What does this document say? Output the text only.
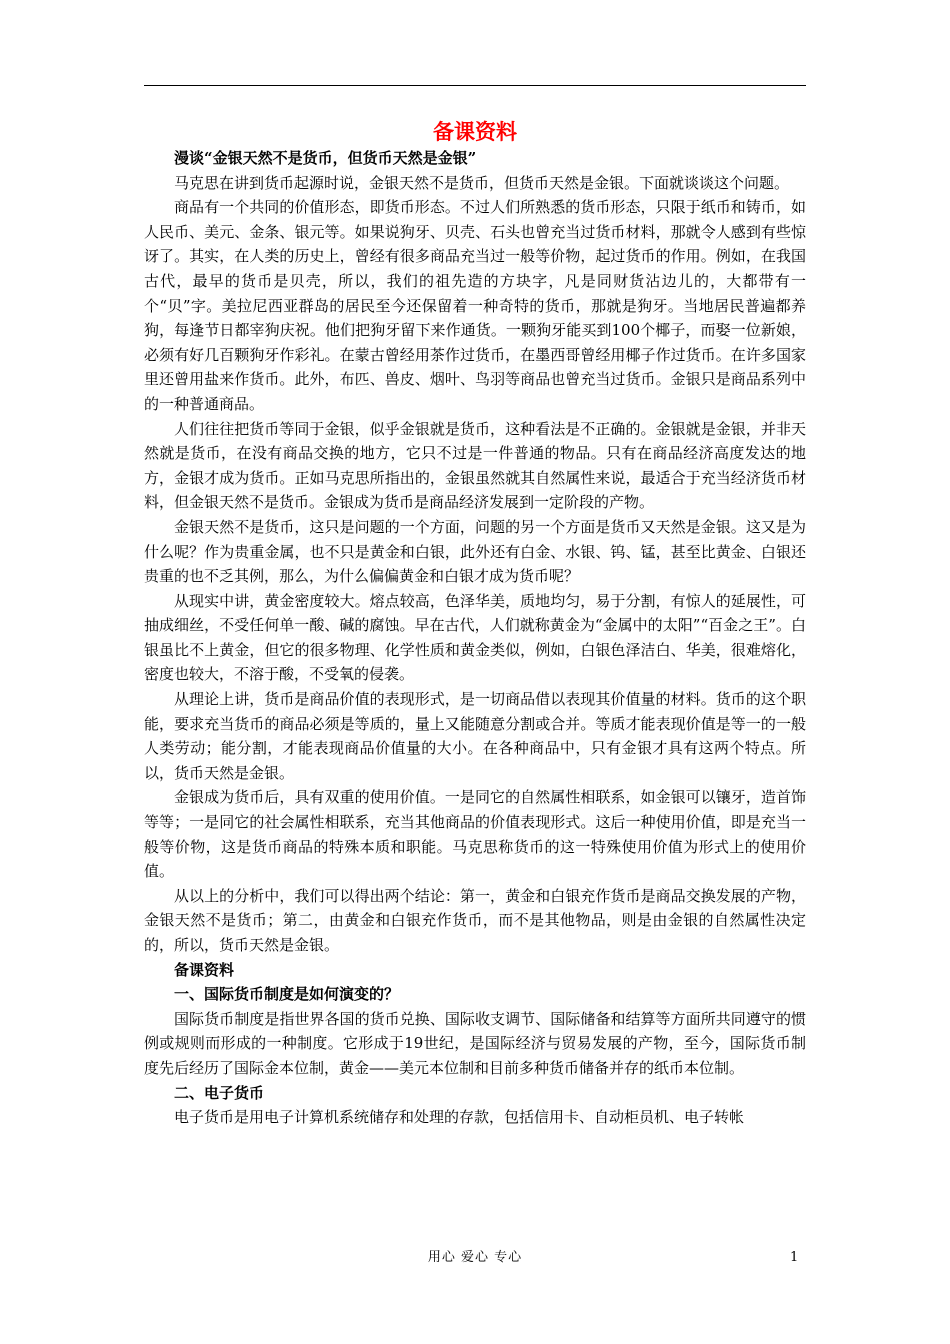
备课资料

漫谈“金银天然不是货币，但货币天然是金银”

马克思在讲到货币起源时说，金银天然不是货币，但货币天然是金银。下面就谈谈这个问题。

商品有一个共同的价值形态，即货币形态。不过人们所熟悉的货币形态，只限于纸币和铸币，如人民币、美元、金条、银元等。如果说狗牙、贝壳、石头也曾充当过货币材料，那就令人感到有些惊讶了。其实，在人类的历史上，曾经有很多商品充当过一般等价物，起过货币的作用。例如，在我国古代，最早的货币是贝壳，所以，我们的祖先造的方块字，凡是同财货沾边儿的，大都带有一个“贝”字。美拉尼西亚群岛的居民至今还保留着一种奇特的货币，那就是狗牙。当地居民普遍都养狗，每逢节日都宰狗庆祝。他们把狗牙留下来作通货。一颗狗牙能买到100个椰子，而娶一位新娘，必须有好几百颗狗牙作彩礼。在蒙古曾经用茶作过货币，在墨西哥曾经用椰子作过货币。在许多国家里还曾用盐来作货币。此外，布匹、兽皮、烟叶、鸟羽等商品也曾充当过货币。金银只是商品系列中的一种普通商品。

人们往往把货币等同于金银，似乎金银就是货币，这种看法是不正确的。金银就是金银，并非天然就是货币，在没有商品交换的地方，它只不过是一件普通的物品。只有在商品经济高度发达的地方，金银才成为货币。正如马克思所指出的，金银虽然就其自然属性来说，最适合于充当经济货币材料，但金银天然不是货币。金银成为货币是商品经济发展到一定阶段的产物。

金银天然不是货币，这只是问题的一个方面，问题的另一个方面是货币又天然是金银。这又是为什么呢？作为贵重金属，也不只是黄金和白银，此外还有白金、水银、钨、锰，甚至比黄金、白银还贵重的也不乏其例，那么，为什么偏偏黄金和白银才成为货币呢？

从现实中讲，黄金密度较大。熔点较高，色泽华美，质地均匀，易于分割，有惊人的延展性，可抽成细丝，不受任何单一酸、碱的腐蚀。早在古代，人们就称黄金为“金属中的太阳”“百金之王”。白银虽比不上黄金，但它的很多物理、化学性质和黄金类似，例如，白银色泽洁白、华美，很难熔化，密度也较大，不溶于酸，不受氧的侵袭。

从理论上讲，货币是商品价值的表现形式，是一切商品借以表现其价值量的材料。货币的这个职能，要求充当货币的商品必须是等质的，量上又能随意分割或合并。等质才能表现价值是等一的一般人类劳动；能分割，才能表现商品价值量的大小。在各种商品中，只有金银才具有这两个特点。所以，货币天然是金银。

金银成为货币后，具有双重的使用价值。一是同它的自然属性相联系，如金银可以镶牙，造首饰等等；一是同它的社会属性相联系，充当其他商品的价值表现形式。这后一种使用价值，即是充当一般等价物，这是货币商品的特殊本质和职能。马克思称货币的这一特殊使用价值为形式上的使用价值。

从以上的分析中，我们可以得出两个结论：第一，黄金和白银充作货币是商品交换发展的产物，金银天然不是货币；第二，由黄金和白银充作货币，而不是其他物品，则是由金银的自然属性决定的，所以，货币天然是金银。

备课资料

一、国际货币制度是如何演变的？

国际货币制度是指世界各国的货币兑换、国际收支调节、国际储备和结算等方面所共同遵守的惯例或规则而形成的一种制度。它形成于19世纪，是国际经济与贸易发展的产物，至今，国际货币制度先后经历了国际金本位制，黄金——美元本位制和目前多种货币储备并存的纸币本位制。

二、电子货币

电子货币是用电子计算机系统储存和处理的存款，包括信用卡、自动柜员机、电子转帐

用心 爱心 专心	1
